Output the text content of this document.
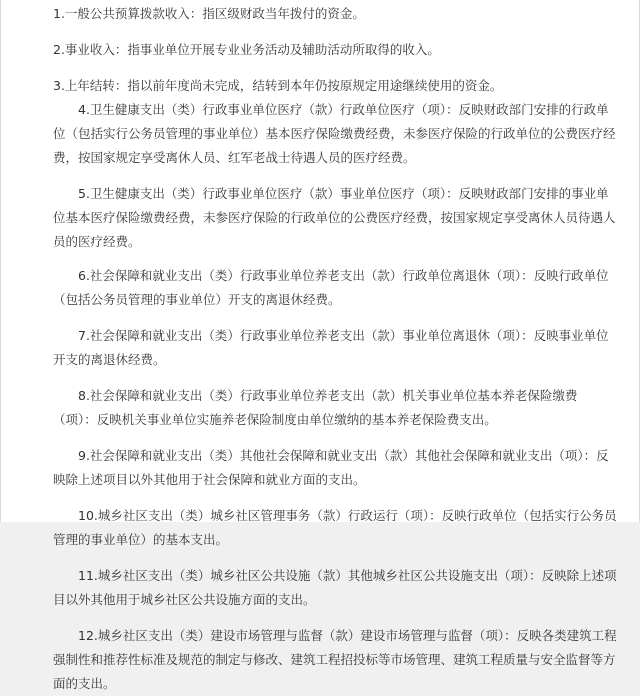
1.一般公共预算拨款收入：指区级财政当年拨付的资金。

2.事业收入：指事业单位开展专业业务活动及辅助活动所取得的收入。

3.上年结转：指以前年度尚未完成，结转到本年仍按原规定用途继续使用的资金。

4.卫生健康支出（类）行政事业单位医疗（款）行政单位医疗（项）：反映财政部门安排的行政单位（包括实行公务员管理的事业单位）基本医疗保险缴费经费，未参医疗保险的行政单位的公费医疗经费，按国家规定享受离休人员、红军老战士待遇人员的医疗经费。

5.卫生健康支出（类）行政事业单位医疗（款）事业单位医疗（项）：反映财政部门安排的事业单位基本医疗保险缴费经费，未参医疗保险的行政单位的公费医疗经费，按国家规定享受离休人员待遇人员的医疗经费。

6.社会保障和就业支出（类）行政事业单位养老支出（款）行政单位离退休（项）：反映行政单位（包括公务员管理的事业单位）开支的离退休经费。

7.社会保障和就业支出（类）行政事业单位养老支出（款）事业单位离退休（项）：反映事业单位开支的离退休经费。

8.社会保障和就业支出（类）行政事业单位养老支出（款）机关事业单位基本养老保险缴费（项）：反映机关事业单位实施养老保险制度由单位缴纳的基本养老保险费支出。

9.社会保障和就业支出（类）其他社会保障和就业支出（款）其他社会保障和就业支出（项）：反映除上述项目以外其他用于社会保障和就业方面的支出。

10.城乡社区支出（类）城乡社区管理事务（款）行政运行（项）：反映行政单位（包括实行公务员管理的事业单位）的基本支出。

11.城乡社区支出（类）城乡社区公共设施（款）其他城乡社区公共设施支出（项）：反映除上述项目以外其他用于城乡社区公共设施方面的支出。

12.城乡社区支出（类）建设市场管理与监督（款）建设市场管理与监督（项）：反映各类建筑工程强制性和推荐性标准及规范的制定与修改、建筑工程招投标等市场管理、建筑工程质量与安全监督等方面的支出。
